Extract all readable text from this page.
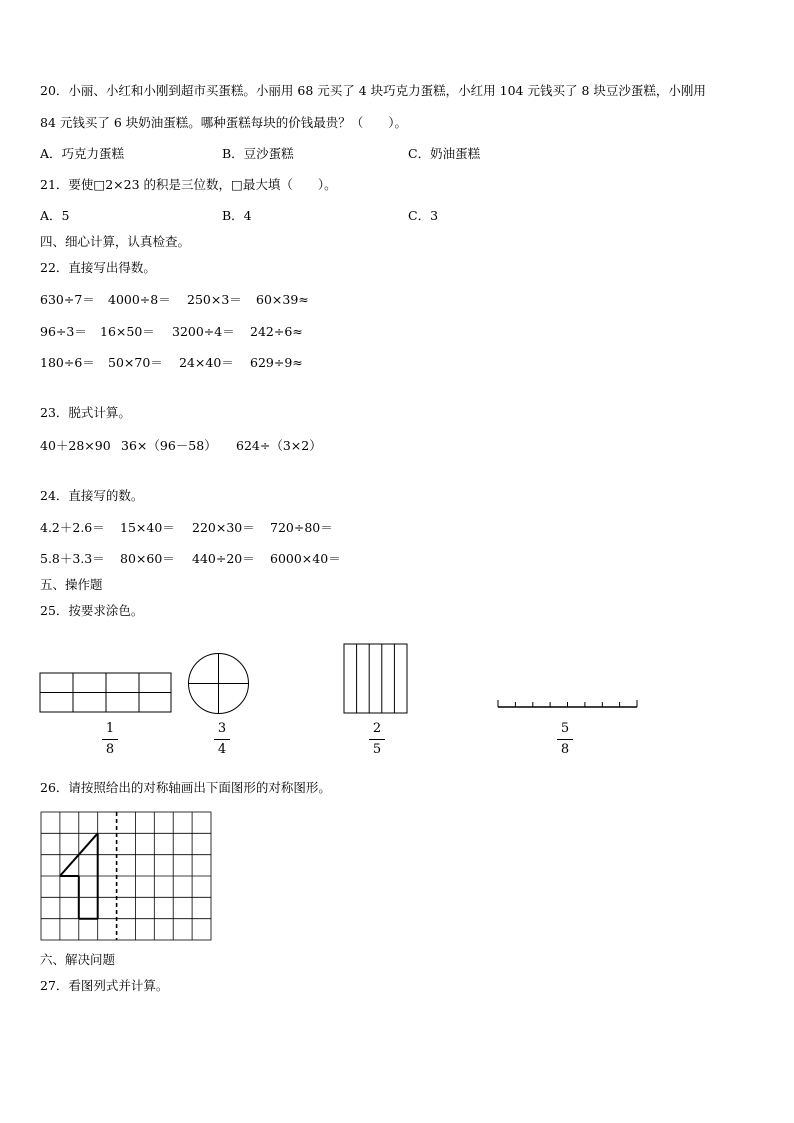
20．小丽、小红和小刚到超市买蛋糕。小丽用 68 元买了 4 块巧克力蛋糕，小红用 104 元钱买了 8 块豆沙蛋糕，小刚用
84 元钱买了 6 块奶油蛋糕。哪种蛋糕每块的价钱最贵？（　　）。
A．巧克力蛋糕	B．豆沙蛋糕	C．奶油蛋糕
21．要使□2×23 的积是三位数，□最大填（　　）。
A．5	B．4	C．3
四、细心计算，认真检查。
22．直接写出得数。
630÷7＝ 4000÷8＝ 250×3＝ 60×39≈
96÷3＝ 16×50＝ 3200÷4＝ 242÷6≈
180÷6＝ 50×70＝ 24×40＝ 629÷9≈
23．脱式计算。
40＋28×90 36×（96－58） 624÷（3×2）
24．直接写的数。
4.2＋2.6＝ 15×40＝ 220×30＝ 720÷80＝
5.8＋3.3＝ 80×60＝ 440÷20＝ 6000×40＝
五、操作题
25．按要求涂色。
1
8
3
4
2
5
5
8
26．请按照给出的对称轴画出下面图形的对称图形。
六、解决问题
27．看图列式并计算。
